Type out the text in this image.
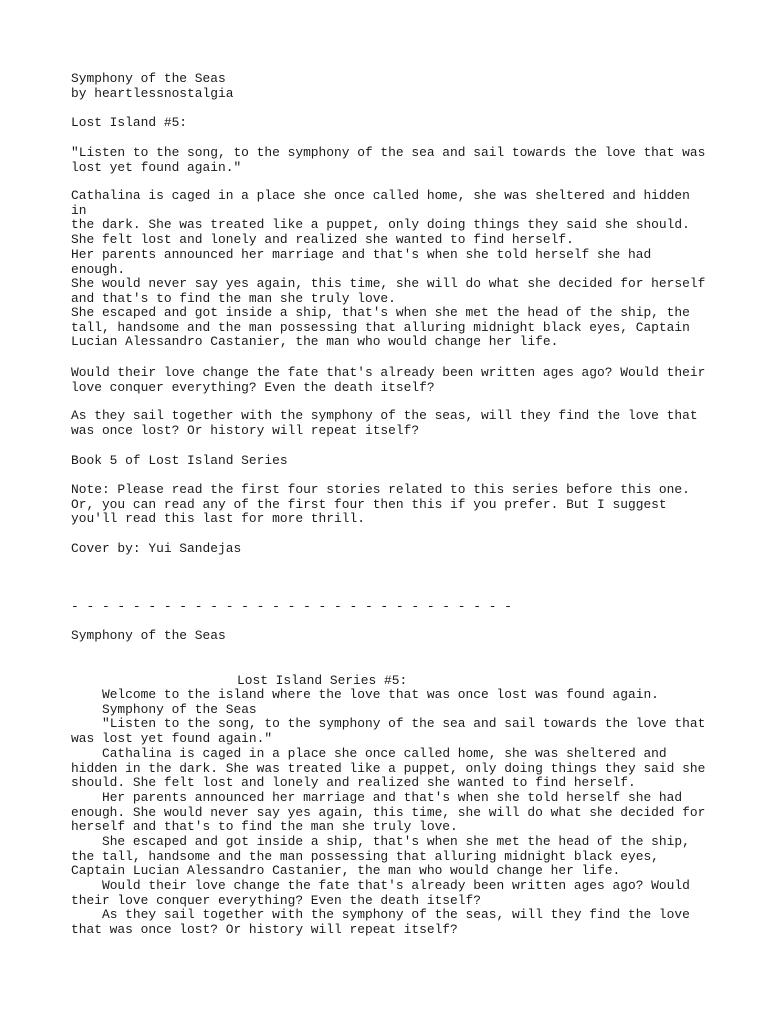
Symphony of the Seas

by heartlessnostalgia

Lost Island #5:

"Listen to the song, to the symphony of the sea and sail towards the love that was
lost yet found again."

Cathalina is caged in a place she once called home, she was sheltered and hidden in
the dark. She was treated like a puppet, only doing things they said she should.
She felt lost and lonely and realized she wanted to find herself.

Her parents announced her marriage and that's when she told herself she had enough.
She would never say yes again, this time, she will do what she decided for herself
and that's to find the man she truly love.

She escaped and got inside a ship, that's when she met the head of the ship, the
tall, handsome and the man possessing that alluring midnight black eyes, Captain
Lucian Alessandro Castanier, the man who would change her life.

Would their love change the fate that's already been written ages ago? Would their
love conquer everything? Even the death itself?

As they sail together with the symphony of the seas, will they find the love that
was once lost? Or history will repeat itself?

Book 5 of Lost Island Series

Note: Please read the first four stories related to this series before this one.
Or, you can read any of the first four then this if you prefer. But I suggest
you'll read this last for more thrill.

Cover by: Yui Sandejas

- - - - - - - - - - - - - - - - - - - - - - - - - - - - -

Symphony of the Seas

Lost Island Series #5:

Welcome to the island where the love that was once lost was found again.

Symphony of the Seas

"Listen to the song, to the symphony of the sea and sail towards the love that
was lost yet found again."

Cathalina is caged in a place she once called home, she was sheltered and
hidden in the dark. She was treated like a puppet, only doing things they said she
should. She felt lost and lonely and realized she wanted to find herself.

Her parents announced her marriage and that's when she told herself she had
enough. She would never say yes again, this time, she will do what she decided for
herself and that's to find the man she truly love.

She escaped and got inside a ship, that's when she met the head of the ship,
the tall, handsome and the man possessing that alluring midnight black eyes,
Captain Lucian Alessandro Castanier, the man who would change her life.

Would their love change the fate that's already been written ages ago? Would
their love conquer everything? Even the death itself?

As they sail together with the symphony of the seas, will they find the love
that was once lost? Or history will repeat itself?
